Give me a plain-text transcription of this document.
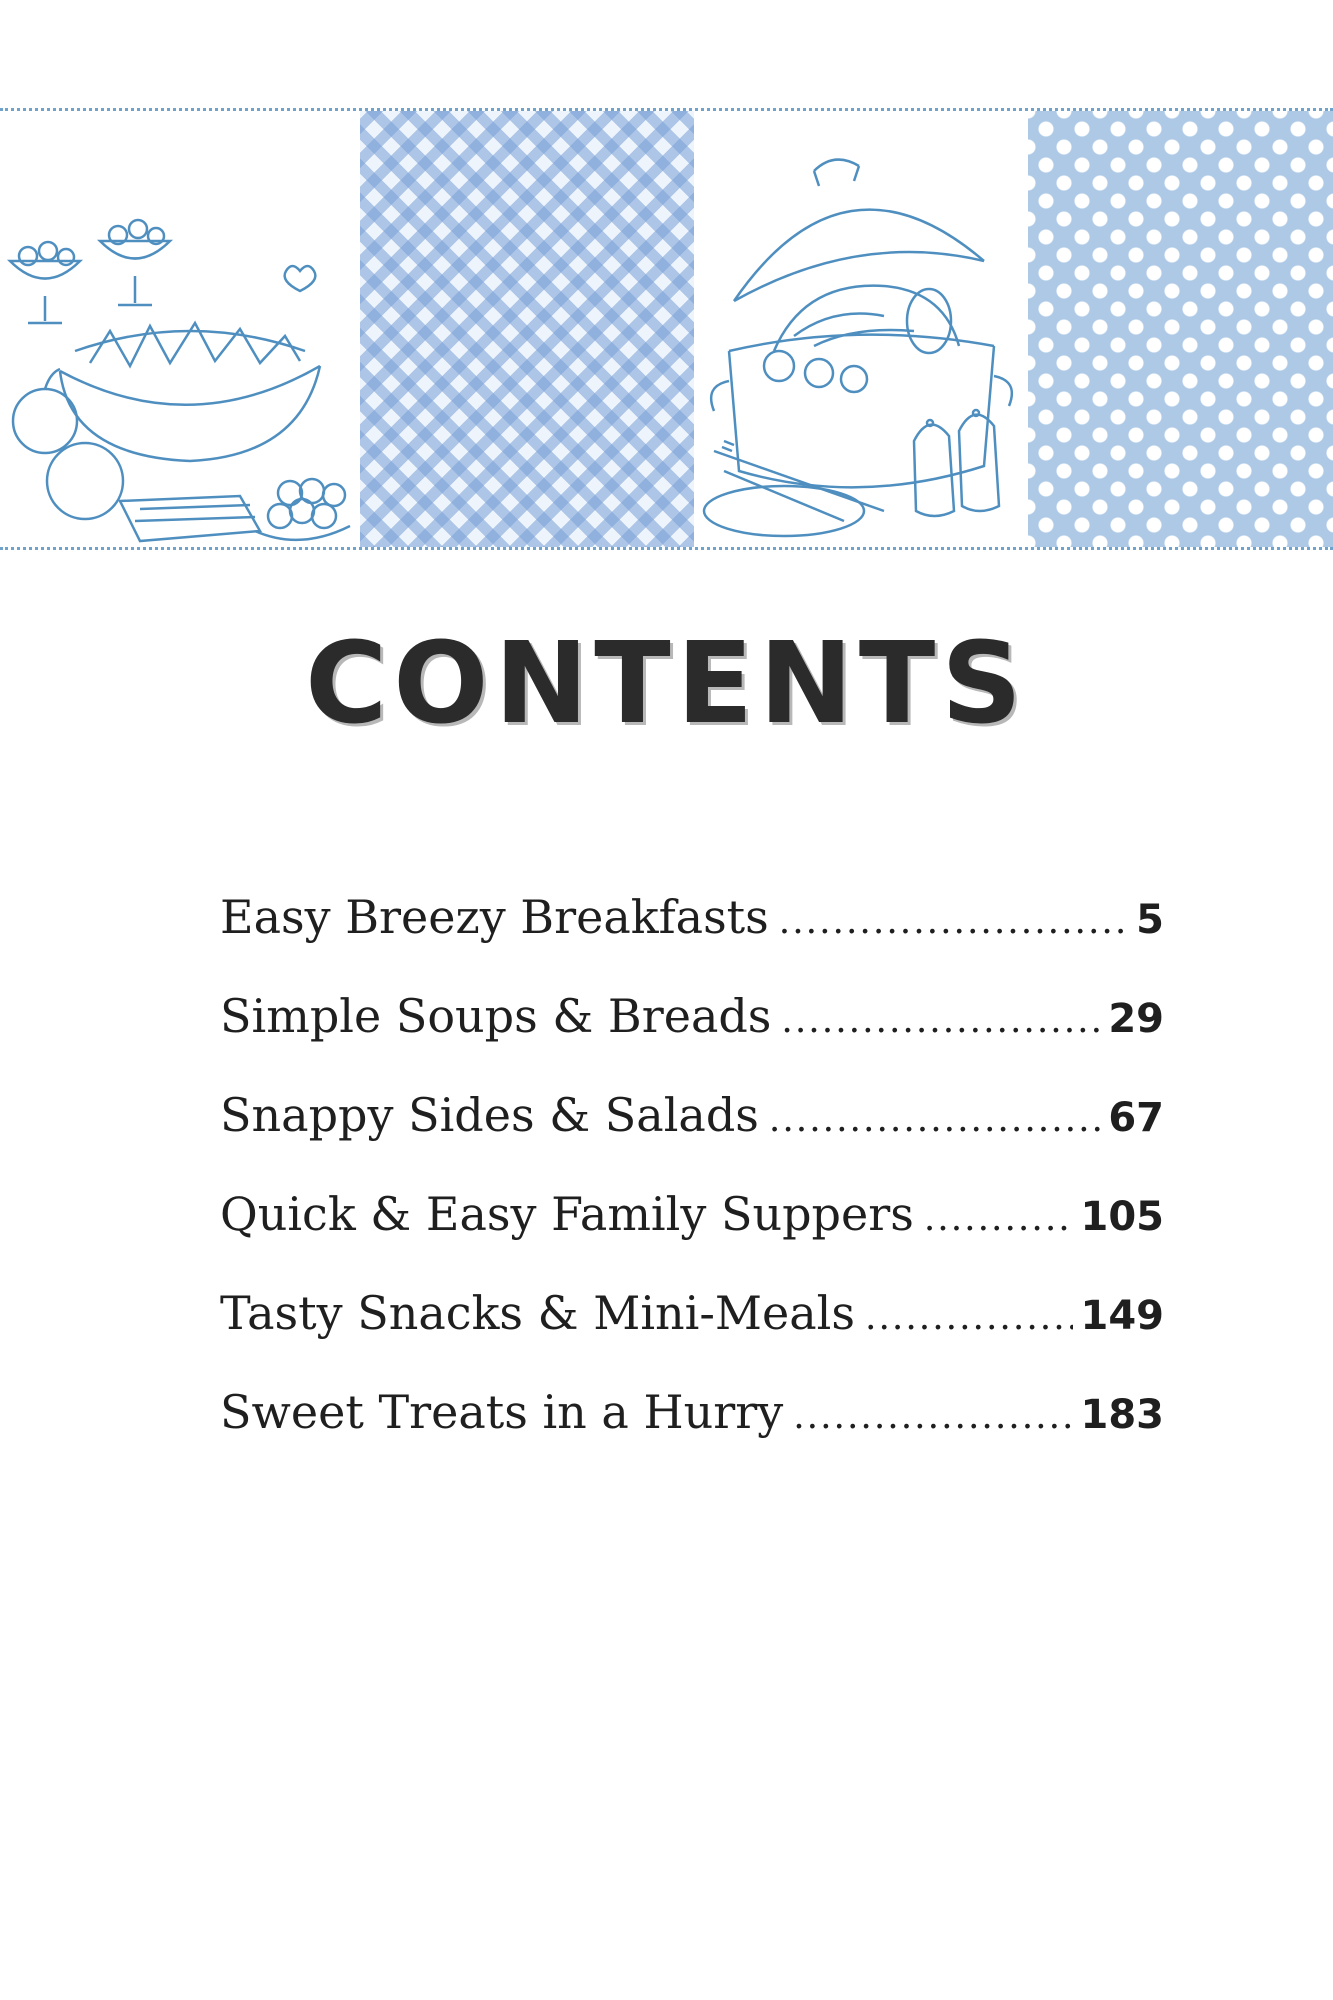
CONTENTS
Easy Breezy Breakfasts .....	5
Simple Soups & Breads .....	29
Snappy Sides & Salads .....	67
Quick & Easy Family Suppers .....	105
Tasty Snacks & Mini-Meals .....	149
Sweet Treats in a Hurry .....	183
